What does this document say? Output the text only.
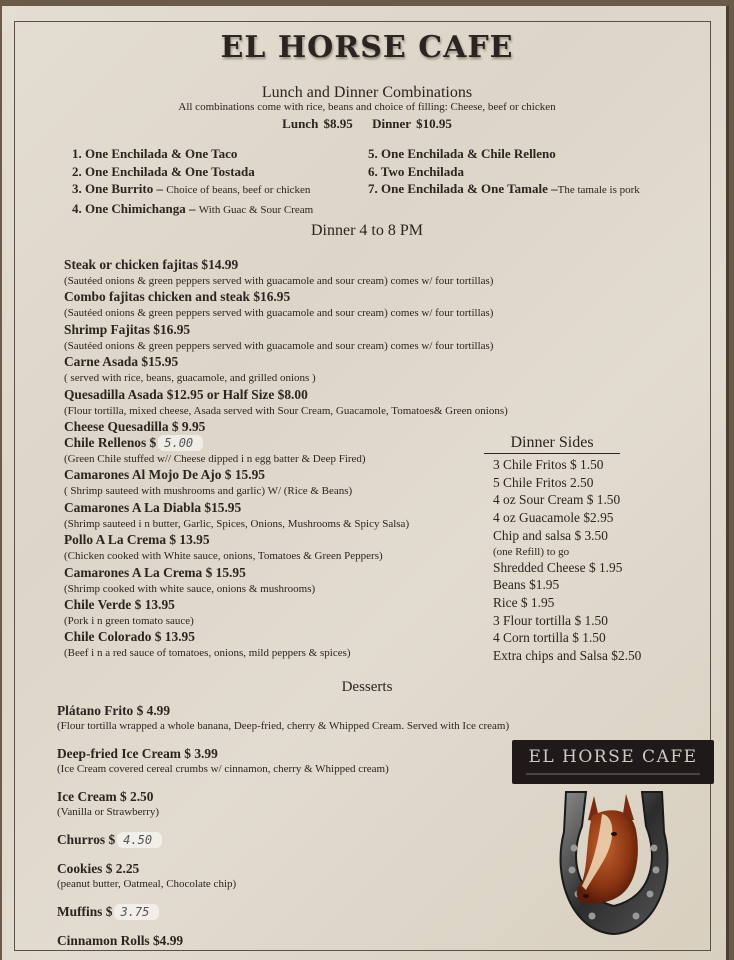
EL HORSE CAFE
Lunch and Dinner Combinations
All combinations come with rice, beans and choice of filling: Cheese, beef or chicken
Lunch $8.95 Dinner $10.95
1. One Enchilada & One Taco
2. One Enchilada & One Tostada
3. One Burrito – Choice of beans, beef or chicken
4. One Chimichanga – With Guac & Sour Cream
5. One Enchilada & Chile Relleno
6. Two Enchilada
7. One Enchilada & One Tamale –The tamale is pork
Dinner 4 to 8 PM
Steak or chicken fajitas $14.99
(Sautéed onions & green peppers served with guacamole and sour cream) comes w/ four tortillas)
Combo fajitas chicken and steak $16.95
(Sautéed onions & green peppers served with guacamole and sour cream) comes w/ four tortillas)
Shrimp Fajitas $16.95
(Sautéed onions & green peppers served with guacamole and sour cream) comes w/ four tortillas)
Carne Asada $15.95
( served with rice, beans, guacamole, and grilled onions )
Quesadilla Asada $12.95 or Half Size $8.00
(Flour tortilla, mixed cheese, Asada served with Sour Cream, Guacamole, Tomatoes& Green onions)
Cheese Quesadilla $ 9.95
Chile Rellenos $ 5.00
(Green Chile stuffed w// Cheese dipped i n egg batter & Deep Fired)
Camarones Al Mojo De Ajo $ 15.95
( Shrimp sauteed with mushrooms and garlic) W/ (Rice & Beans)
Camarones A La Diabla $15.95
(Shrimp sauteed i n butter, Garlic, Spices, Onions, Mushrooms & Spicy Salsa)
Pollo A La Crema $ 13.95
(Chicken cooked with White sauce, onions, Tomatoes & Green Peppers)
Camarones A La Crema $ 15.95
(Shrimp cooked with white sauce, onions & mushrooms)
Chile Verde $ 13.95
(Pork i n green tomato sauce)
Chile Colorado $ 13.95
(Beef i n a red sauce of tomatoes, onions, mild peppers & spices)
Dinner Sides
3 Chile Fritos $ 1.50
5 Chile Fritos 2.50
4 oz Sour Cream $ 1.50
4 oz Guacamole $2.95
Chip and salsa $ 3.50
(one Refill) to go
Shredded Cheese $ 1.95
Beans $1.95
Rice $ 1.95
3 Flour tortilla $ 1.50
4 Corn tortilla $ 1.50
Extra chips and Salsa $2.50
Desserts
Plátano Frito $ 4.99
(Flour tortilla wrapped a whole banana, Deep-fried, cherry & Whipped Cream. Served with Ice cream)
Deep-fried Ice Cream $ 3.99
(Ice Cream covered cereal crumbs w/ cinnamon, cherry & Whipped cream)
Ice Cream $ 2.50
(Vanilla or Strawberry)
Churros $ 4.50
Cookies $ 2.25
(peanut butter, Oatmeal, Chocolate chip)
Muffins $ 3.75
Cinnamon Rolls $4.99
EL HORSE CAFE
